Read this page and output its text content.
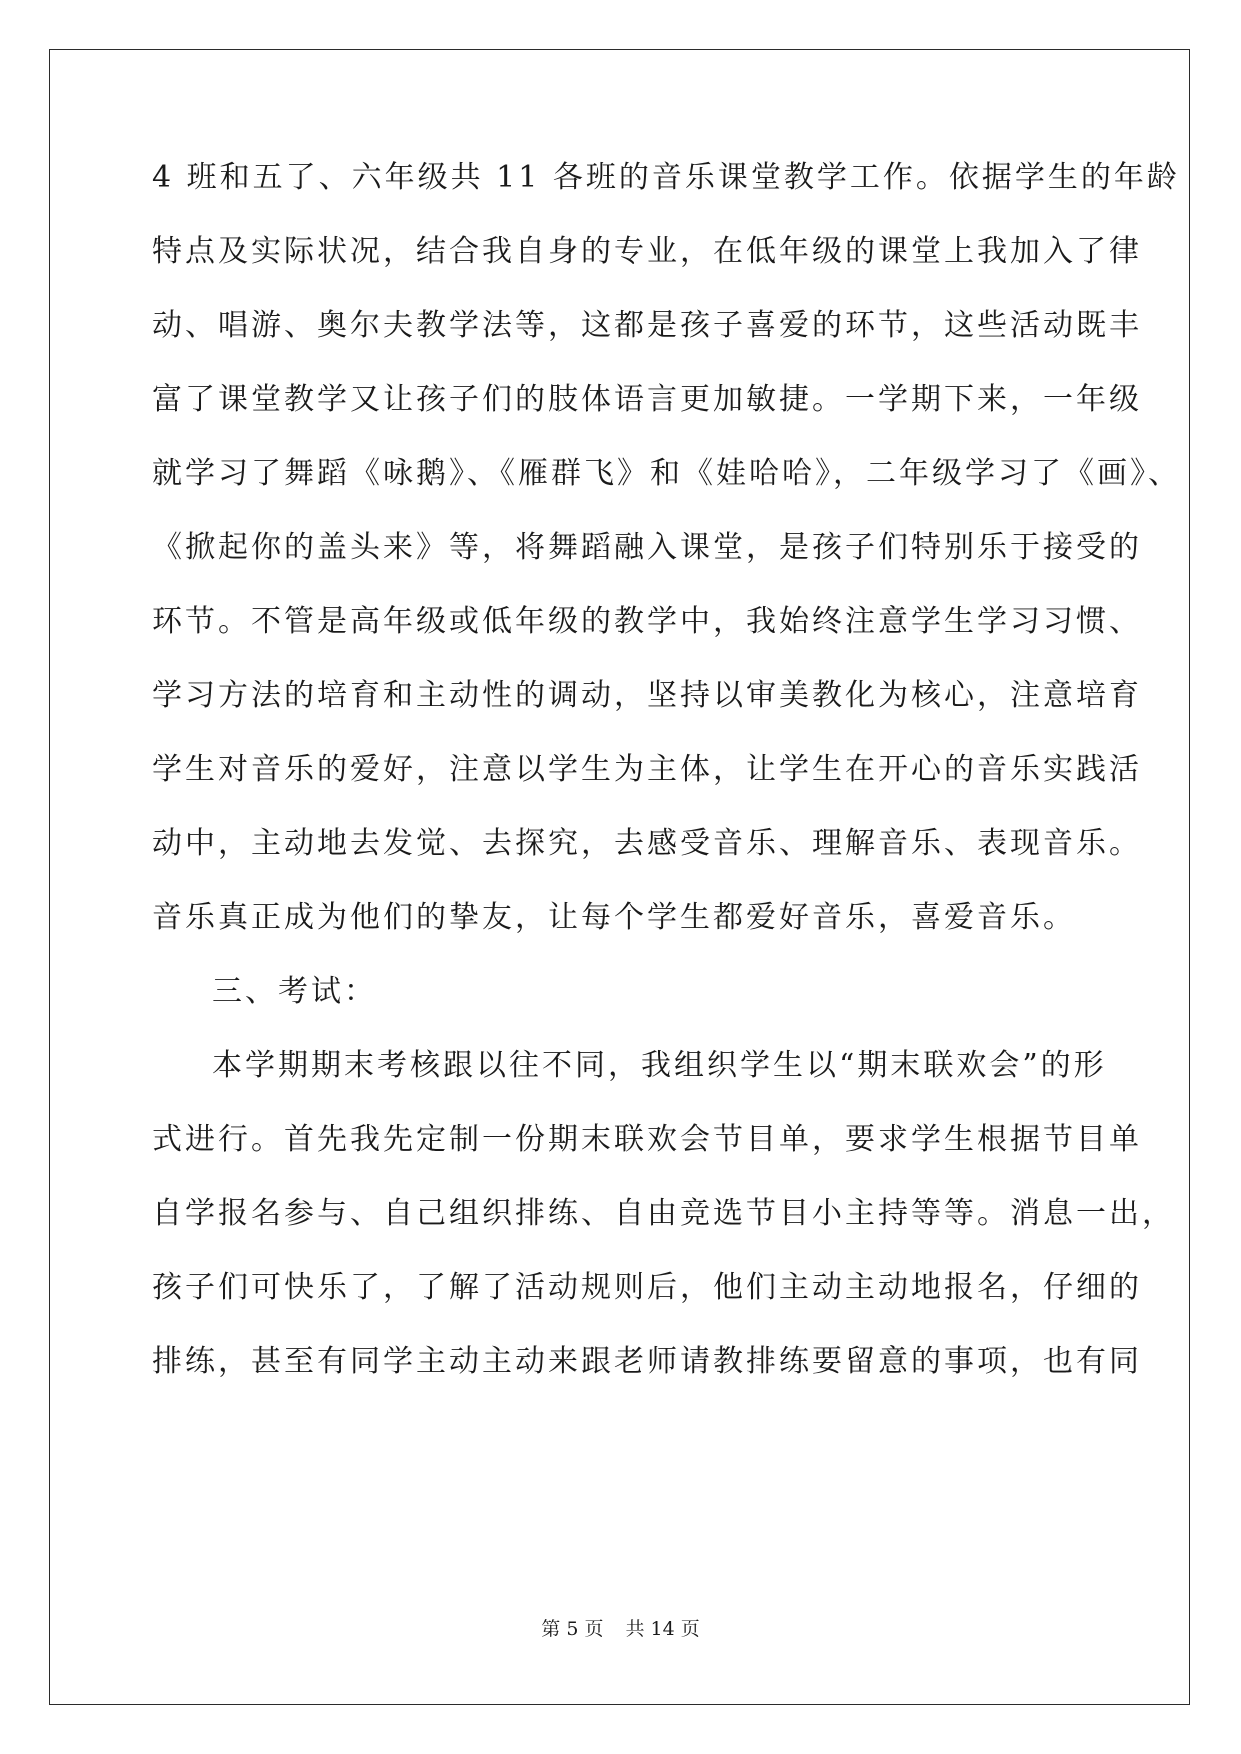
4 班和五了、六年级共 11 各班的音乐课堂教学工作。依据学生的年龄
特点及实际状况，结合我自身的专业，在低年级的课堂上我加入了律
动、唱游、奥尔夫教学法等，这都是孩子喜爱的环节，这些活动既丰
富了课堂教学又让孩子们的肢体语言更加敏捷。一学期下来，一年级
就学习了舞蹈《咏鹅》、《雁群飞》和《娃哈哈》，二年级学习了《画》、
《掀起你的盖头来》等，将舞蹈融入课堂，是孩子们特别乐于接受的
环节。不管是高年级或低年级的教学中，我始终注意学生学习习惯、
学习方法的培育和主动性的调动，坚持以审美教化为核心，注意培育
学生对音乐的爱好，注意以学生为主体，让学生在开心的音乐实践活
动中，主动地去发觉、去探究，去感受音乐、理解音乐、表现音乐。
音乐真正成为他们的挚友，让每个学生都爱好音乐，喜爱音乐。
三、考试：
本学期期末考核跟以往不同，我组织学生以“期末联欢会”的形
式进行。首先我先定制一份期末联欢会节目单，要求学生根据节目单
自学报名参与、自己组织排练、自由竞选节目小主持等等。消息一出，
孩子们可快乐了，了解了活动规则后，他们主动主动地报名，仔细的
排练，甚至有同学主动主动来跟老师请教排练要留意的事项，也有同
第 5 页 共 14 页
